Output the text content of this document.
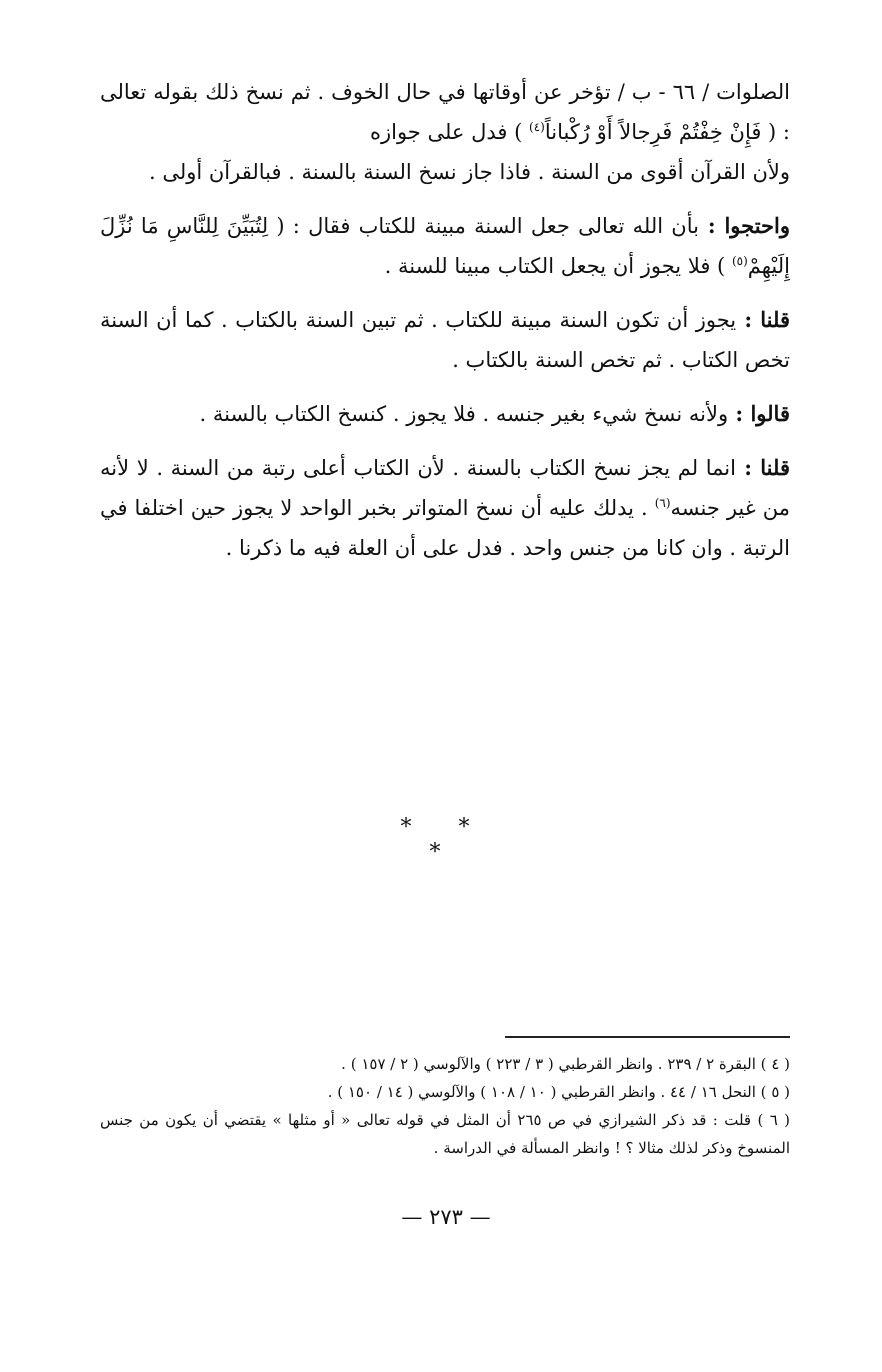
الصلوات / ٦٦ - ب / تؤخر عن أوقاتها في حال الخوف . ثم نسخ ذلك بقوله تعالى : ( فَإِنْ خِفْتُمْ فَرِجالاً أَوْ رُكْباناً$^{(٤)}$ ) فدل على جوازه

ولأن القرآن أقوى من السنة . فاذا جاز نسخ السنة بالسنة . فبالقرآن أولى .

واحتجوا : بأن الله تعالى جعل السنة مبينة للكتاب فقال : ( لِتُبَيِّنَ لِلنَّاسِ مَا نُزِّلَ إِلَيْهِمْ$^{(٥)}$ ) فلا يجوز أن يجعل الكتاب مبينا للسنة .

قلنا : يجوز أن تكون السنة مبينة للكتاب . ثم تبين السنة بالكتاب . كما أن السنة تخص الكتاب . ثم تخص السنة بالكتاب .

قالوا : ولأنه نسخ شيء بغير جنسه . فلا يجوز . كنسخ الكتاب بالسنة .

قلنا : انما لم يجز نسخ الكتاب بالسنة . لأن الكتاب أعلى رتبة من السنة . لا لأنه من غير جنسه$^{(٦)}$ . يدلك عليه أن نسخ المتواتر بخبر الواحد لا يجوز حين اختلفا في الرتبة . وان كانا من جنس واحد . فدل على أن العلة فيه ما ذكرنا .

* * *

( ٤ ) البقرة ٢ / ٢٣٩ . وانظر القرطبي ( ٣ / ٢٢٣ ) والآلوسي ( ٢ / ١٥٧ ) .

( ٥ ) النحل ١٦ / ٤٤ . وانظر القرطبي ( ١٠ / ١٠٨ ) والآلوسي ( ١٤ / ١٥٠ ) .

( ٦ ) قلت : قد ذكر الشيرازي في ص ٢٦٥ أن المثل في قوله تعالى « أو مثلها » يقتضي أن يكون من جنس المنسوخ وذكر لذلك مثالا ؟ ! وانظر المسألة في الدراسة .

— ٢٧٣ —
